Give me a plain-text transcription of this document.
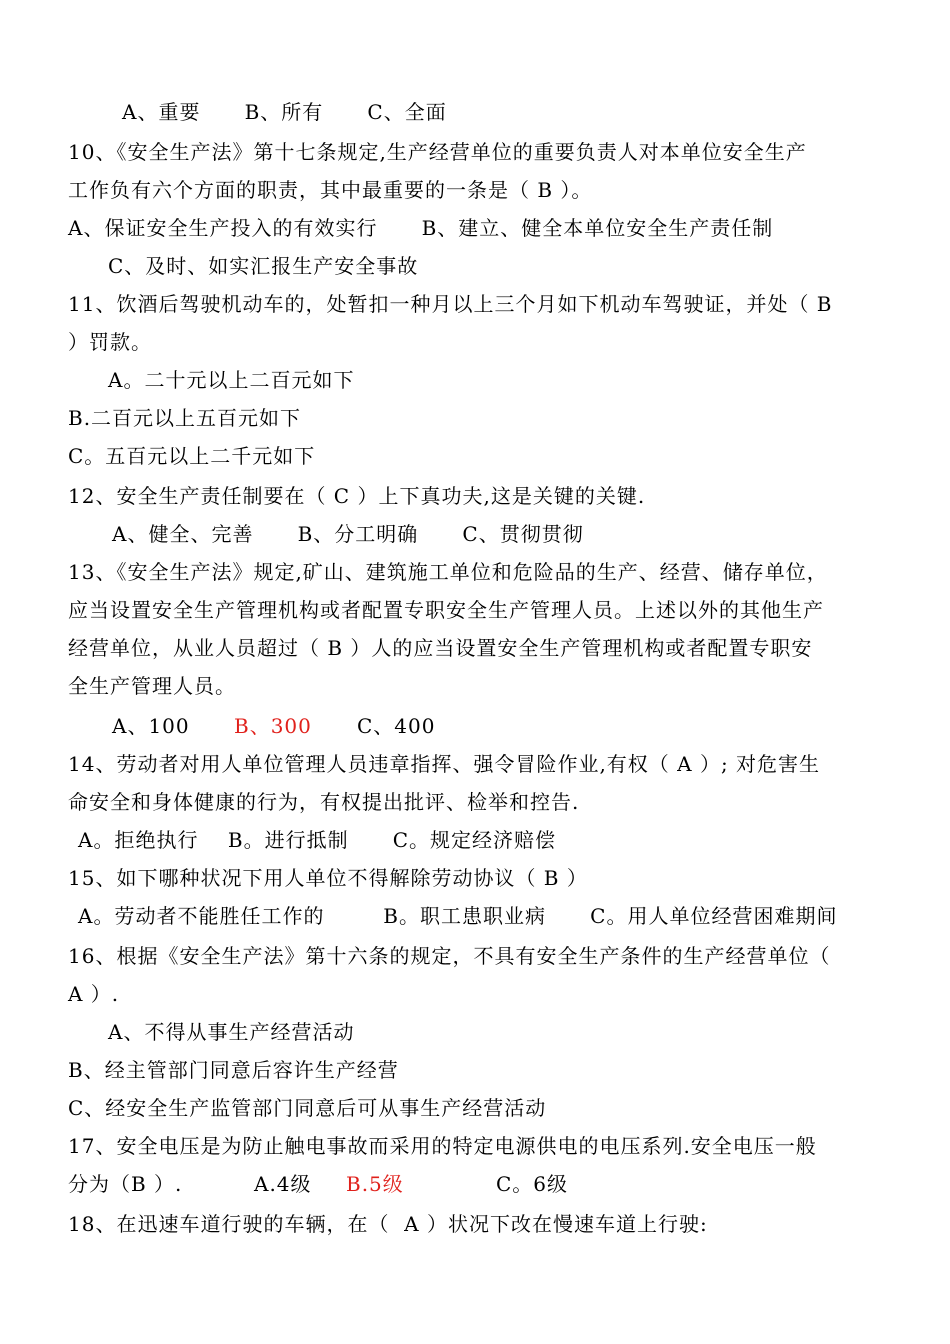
A、重要      B、所有      C、全面
10、《安全生产法》第十七条规定,生产经营单位的重要负责人对本单位安全生产
工作负有六个方面的职责，其中最重要的一条是（ B ）。
A、保证安全生产投入的有效实行      B、建立、健全本单位安全生产责任制
C、及时、如实汇报生产安全事故
11、饮酒后驾驶机动车的，处暂扣一种月以上三个月如下机动车驾驶证，并处（ B
）罚款。
A。二十元以上二百元如下
B.二百元以上五百元如下
C。五百元以上二千元如下
12、安全生产责任制要在（ C ）上下真功夫,这是关键的关键.
A、健全、完善      B、分工明确      C、贯彻贯彻
13、《安全生产法》规定,矿山、建筑施工单位和危险品的生产、经营、储存单位，
应当设置安全生产管理机构或者配置专职安全生产管理人员。上述以外的其他生产
经营单位，从业人员超过（ B ）人的应当设置安全生产管理机构或者配置专职安
全生产管理人员。
A、100 B、300 C、400
14、劳动者对用人单位管理人员违章指挥、强令冒险作业,有权（ A ）; 对危害生
命安全和身体健康的行为，有权提出批评、检举和控告.
A。拒绝执行    B。进行抵制      C。规定经济赔偿
15、如下哪种状况下用人单位不得解除劳动协议（ B ）
A。劳动者不能胜任工作的        B。职工患职业病      C。用人单位经营困难期间
16、根据《安全生产法》第十六条的规定，不具有安全生产条件的生产经营单位（
A ）.
A、不得从事生产经营活动
B、经主管部门同意后容许生产经营
C、经安全生产监管部门同意后可从事生产经营活动
17、安全电压是为防止触电事故而采用的特定电源供电的电压系列.安全电压一般
分为（B ）.	A.4级 B.5级	C。6级
18、在迅速车道行驶的车辆，在（  A ）状况下改在慢速车道上行驶:
